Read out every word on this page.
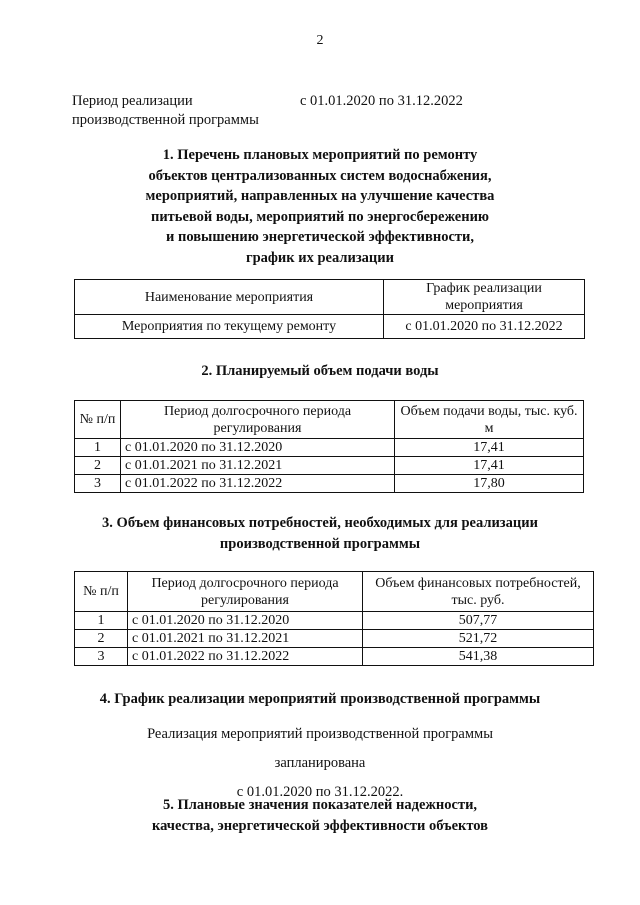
2
Период реализации
производственной программы
с 01.01.2020 по 31.12.2022
1. Перечень плановых мероприятий по ремонту
объектов централизованных систем водоснабжения,
мероприятий, направленных на улучшение качества
питьевой воды, мероприятий по энергосбережению
и повышению энергетической эффективности,
график их реализации
Наименование мероприятия	График реализации мероприятия
Мероприятия по текущему ремонту	с 01.01.2020 по 31.12.2022
2. Планируемый объем подачи воды
№ п/п	Период долгосрочного периода регулирования	Объем подачи воды, тыс. куб. м
1	с 01.01.2020 по 31.12.2020	17,41
2	с 01.01.2021 по 31.12.2021	17,41
3	с 01.01.2022 по 31.12.2022	17,80
3. Объем финансовых потребностей, необходимых для реализации
производственной программы
№ п/п	Период долгосрочного периода регулирования	Объем финансовых потребностей, тыс. руб.
1	с 01.01.2020 по 31.12.2020	507,77
2	с 01.01.2021 по 31.12.2021	521,72
3	с 01.01.2022 по 31.12.2022	541,38
4. График реализации мероприятий производственной программы
Реализация мероприятий производственной программы запланирована
с 01.01.2020 по 31.12.2022.
5. Плановые значения показателей надежности,
качества, энергетической эффективности объектов
